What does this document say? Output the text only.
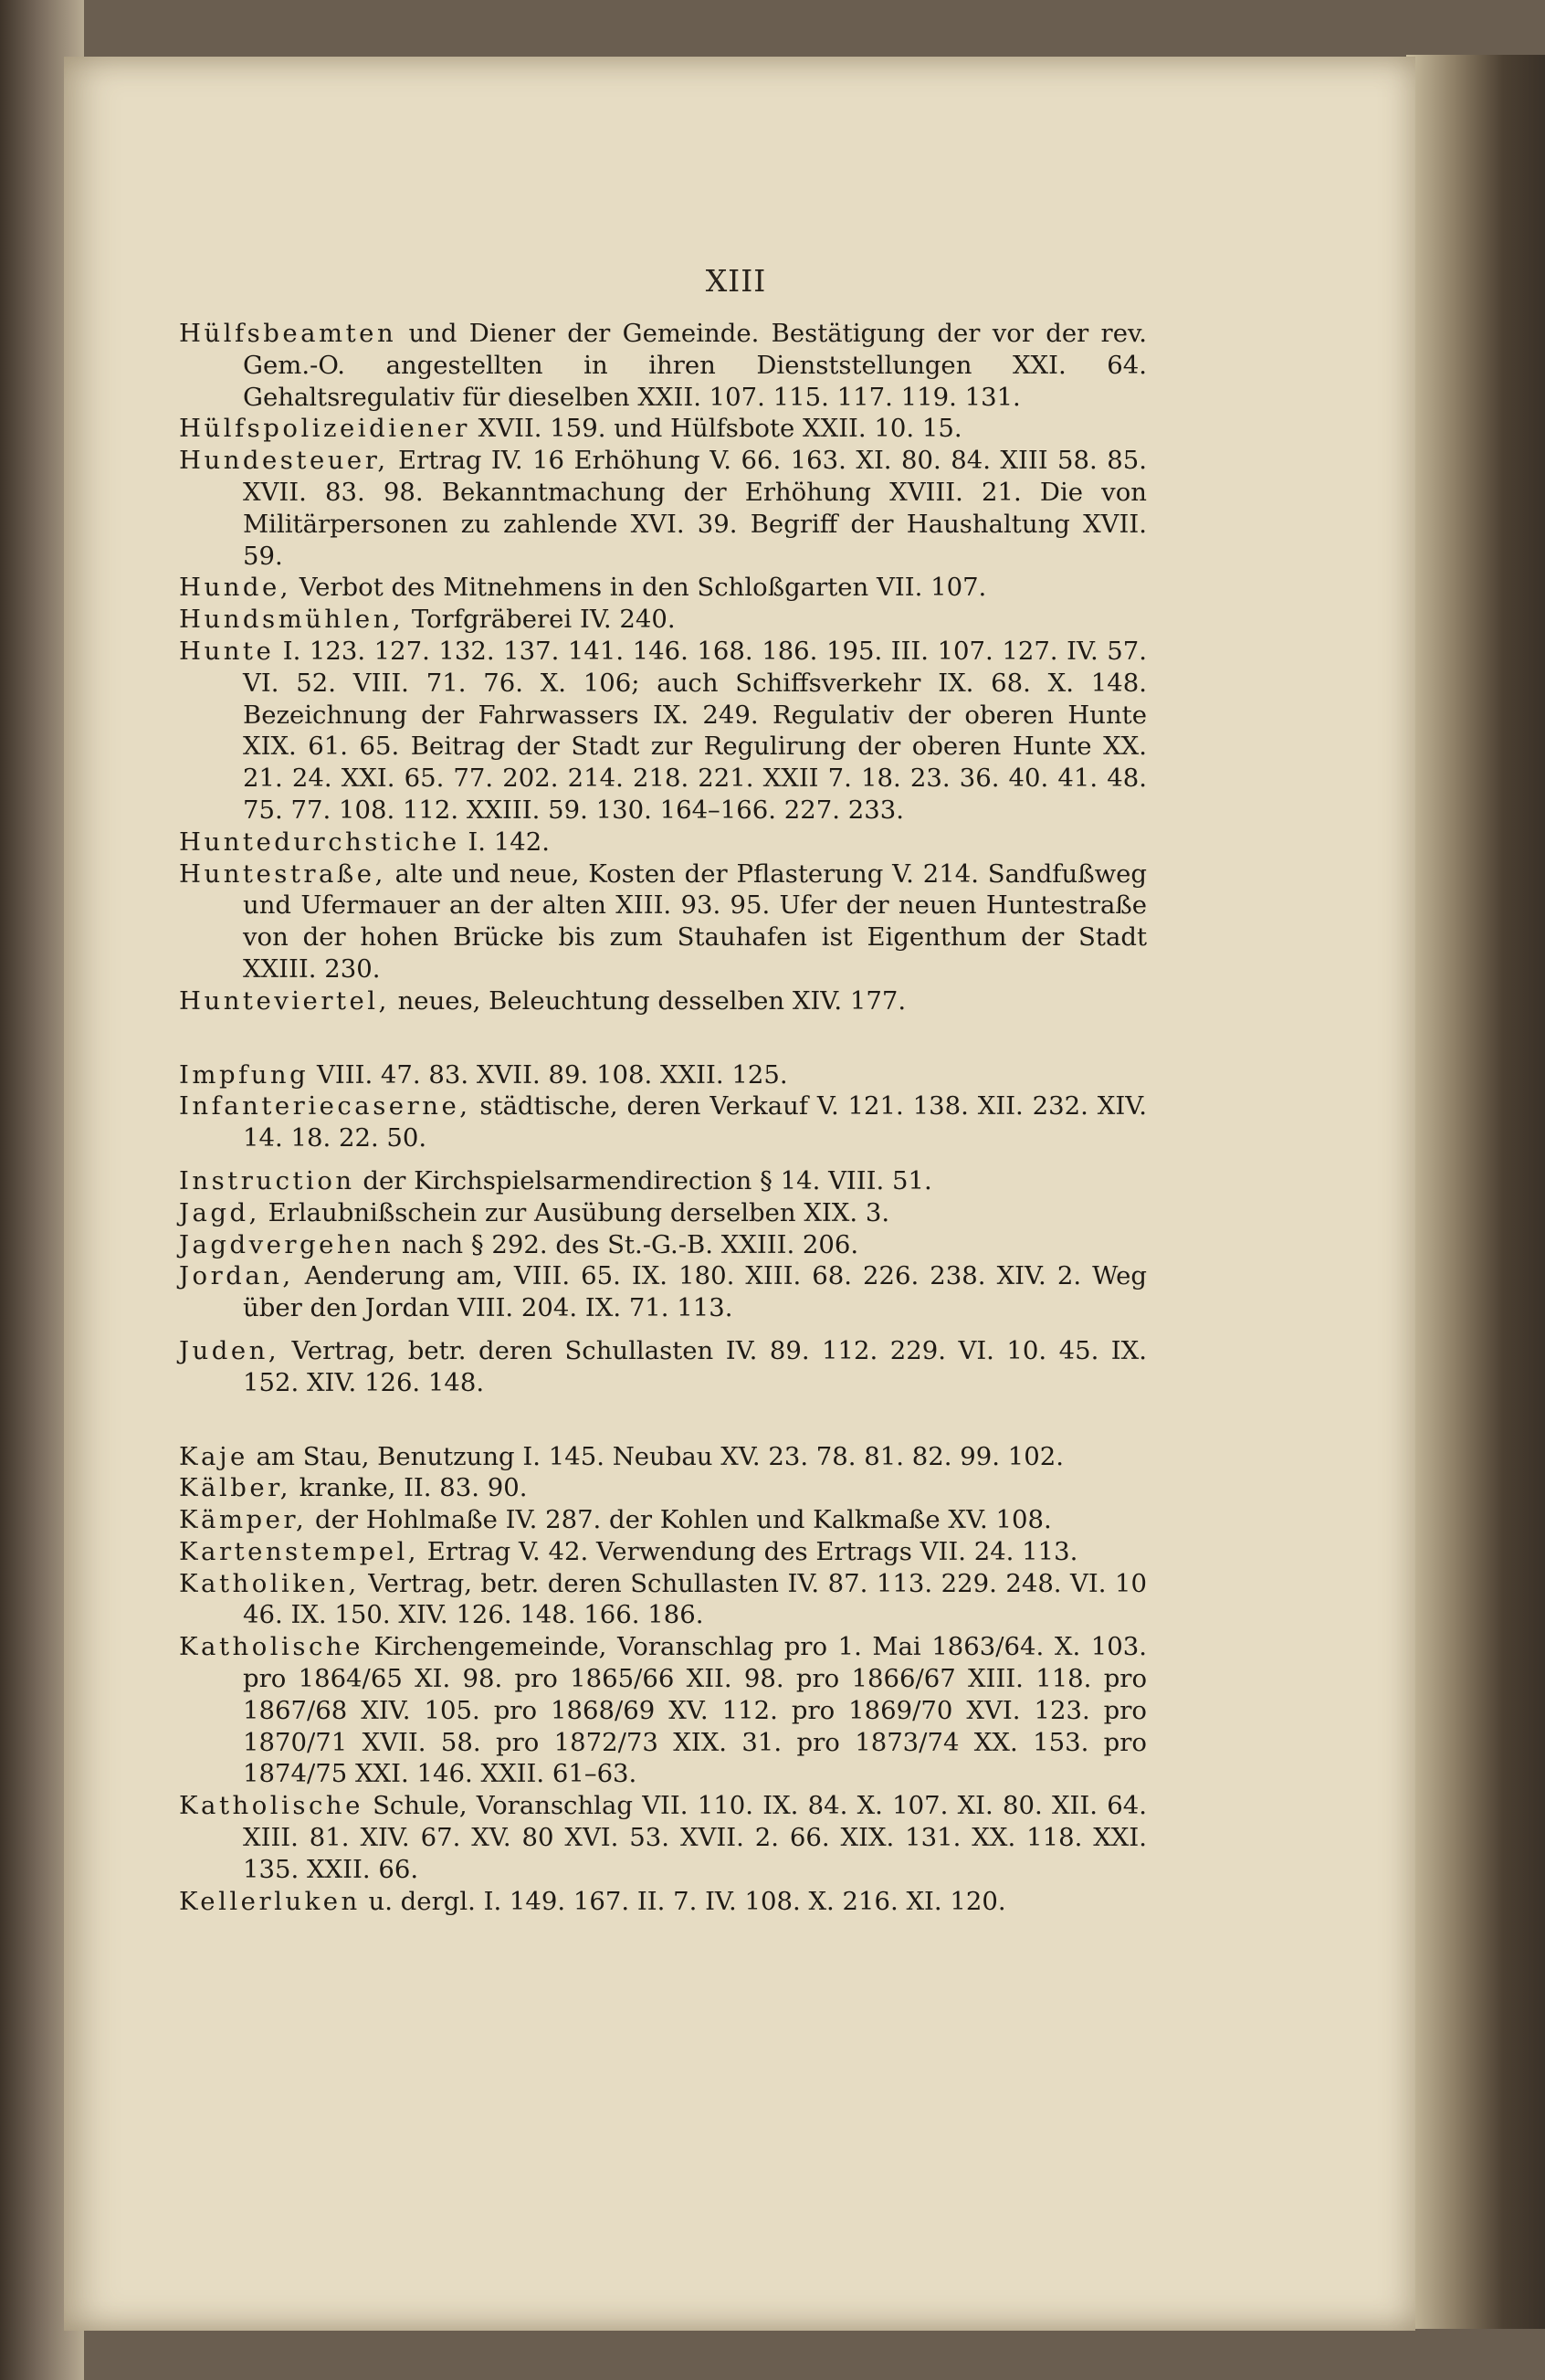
XIII

Hülfsbeamten und Diener der Gemeinde. Bestätigung der vor der rev. Gem.-O. angestellten in ihren Dienststellungen XXI. 64. Gehaltsregulativ für dieselben XXII. 107. 115. 117. 119. 131.

Hülfspolizeidiener XVII. 159. und Hülfsbote XXII. 10. 15.

Hundesteuer, Ertrag IV. 16 Erhöhung V. 66. 163. XI. 80. 84. XIII 58. 85. XVII. 83. 98. Bekanntmachung der Erhöhung XVIII. 21. Die von Militärpersonen zu zahlende XVI. 39. Begriff der Haushaltung XVII. 59.

Hunde, Verbot des Mitnehmens in den Schloßgarten VII. 107.

Hundsmühlen, Torfgräberei IV. 240.

Hunte I. 123. 127. 132. 137. 141. 146. 168. 186. 195. III. 107. 127. IV. 57. VI. 52. VIII. 71. 76. X. 106; auch Schiffsverkehr IX. 68. X. 148. Bezeichnung der Fahrwassers IX. 249. Regulativ der oberen Hunte XIX. 61. 65. Beitrag der Stadt zur Regulirung der oberen Hunte XX. 21. 24. XXI. 65. 77. 202. 214. 218. 221. XXII 7. 18. 23. 36. 40. 41. 48. 75. 77. 108. 112. XXIII. 59. 130. 164–166. 227. 233.

Huntedurchstiche I. 142.

Huntestraße, alte und neue, Kosten der Pflasterung V. 214. Sandfußweg und Ufermauer an der alten XIII. 93. 95. Ufer der neuen Huntestraße von der hohen Brücke bis zum Stauhafen ist Eigenthum der Stadt XXIII. 230.

Hunteviertel, neues, Beleuchtung desselben XIV. 177.

Impfung VIII. 47. 83. XVII. 89. 108. XXII. 125.

Infanteriecaserne, städtische, deren Verkauf V. 121. 138. XII. 232. XIV. 14. 18. 22. 50.

Instruction der Kirchspielsarmendirection § 14. VIII. 51.

Jagd, Erlaubnißschein zur Ausübung derselben XIX. 3.

Jagdvergehen nach § 292. des St.-G.-B. XXIII. 206.

Jordan, Aenderung am, VIII. 65. IX. 180. XIII. 68. 226. 238. XIV. 2. Weg über den Jordan VIII. 204. IX. 71. 113.

Juden, Vertrag, betr. deren Schullasten IV. 89. 112. 229. VI. 10. 45. IX. 152. XIV. 126. 148.

Kaje am Stau, Benutzung I. 145. Neubau XV. 23. 78. 81. 82. 99. 102.

Kälber, kranke, II. 83. 90.

Kämper, der Hohlmaße IV. 287. der Kohlen und Kalkmaße XV. 108.

Kartenstempel, Ertrag V. 42. Verwendung des Ertrags VII. 24. 113.

Katholiken, Vertrag, betr. deren Schullasten IV. 87. 113. 229. 248. VI. 10 46. IX. 150. XIV. 126. 148. 166. 186.

Katholische Kirchengemeinde, Voranschlag pro 1. Mai 1863/64. X. 103. pro 1864/65 XI. 98. pro 1865/66 XII. 98. pro 1866/67 XIII. 118. pro 1867/68 XIV. 105. pro 1868/69 XV. 112. pro 1869/70 XVI. 123. pro 1870/71 XVII. 58. pro 1872/73 XIX. 31. pro 1873/74 XX. 153. pro 1874/75 XXI. 146. XXII. 61–63.

Katholische Schule, Voranschlag VII. 110. IX. 84. X. 107. XI. 80. XII. 64. XIII. 81. XIV. 67. XV. 80 XVI. 53. XVII. 2. 66. XIX. 131. XX. 118. XXI. 135. XXII. 66.

Kellerluken u. dergl. I. 149. 167. II. 7. IV. 108. X. 216. XI. 120.
